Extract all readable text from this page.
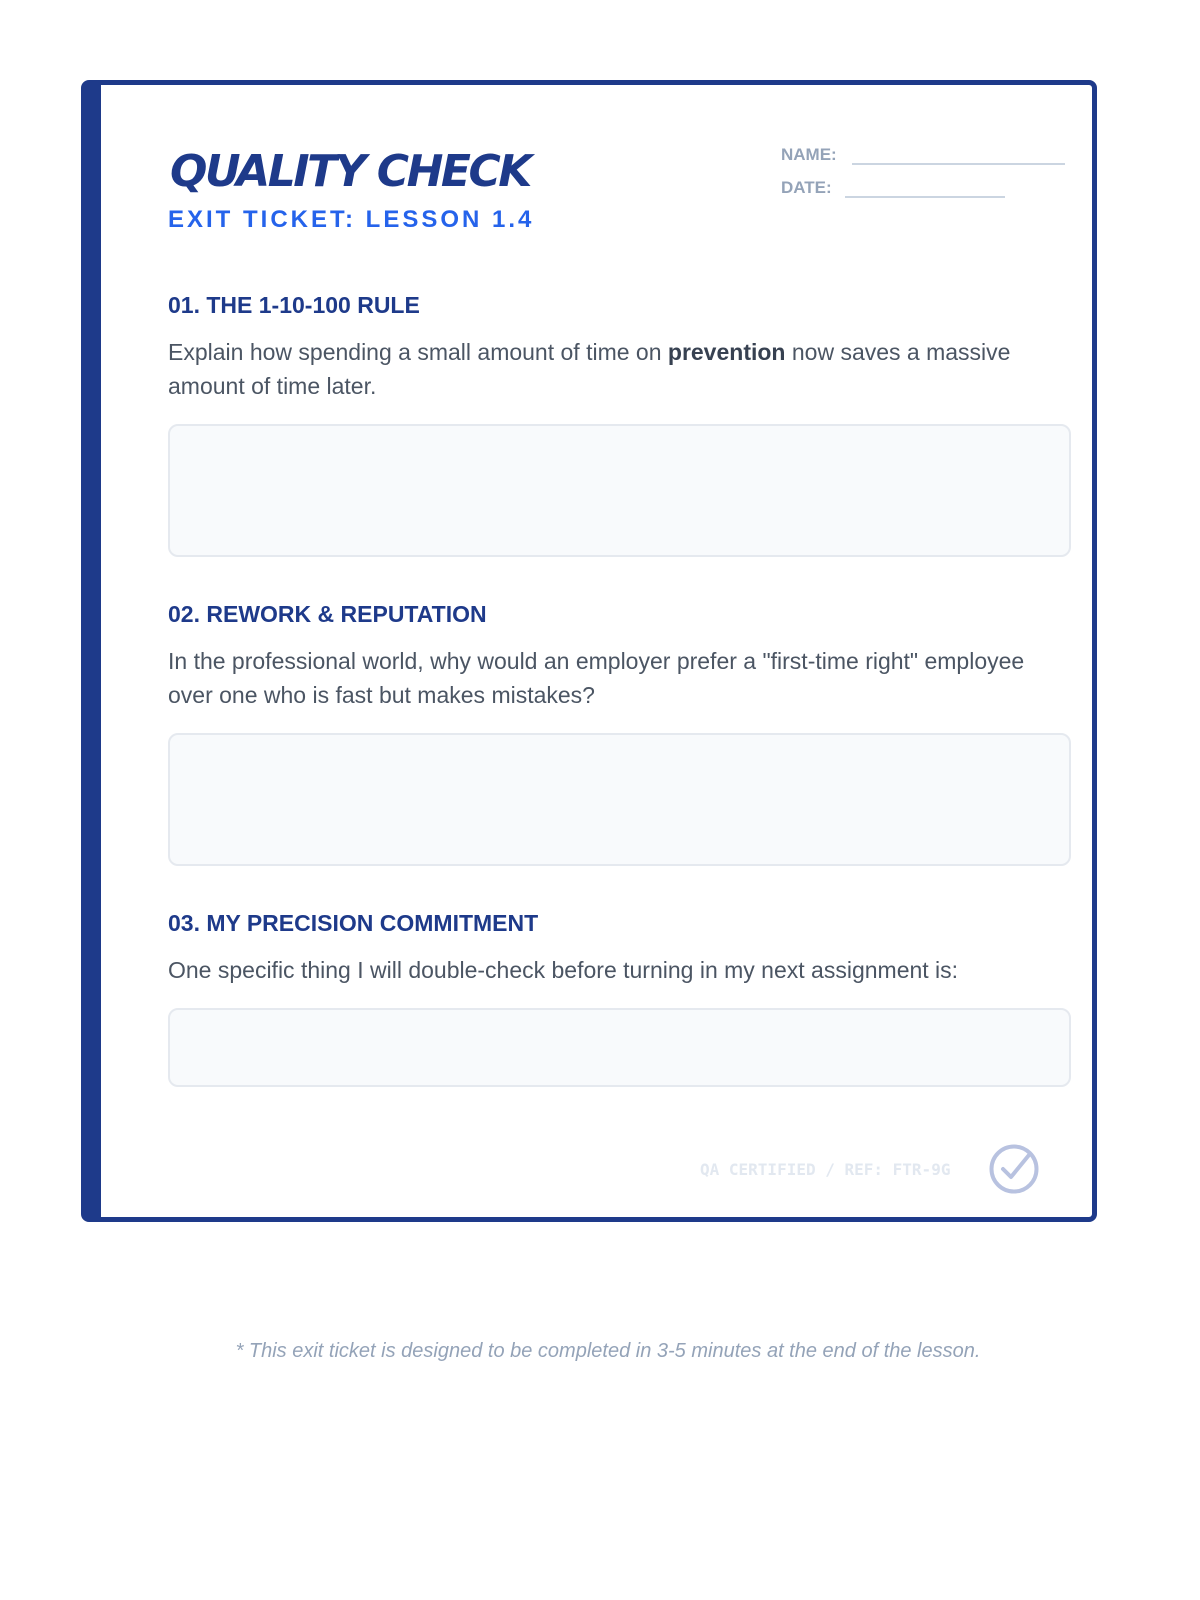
QUALITY CHECK
EXIT TICKET: LESSON 1.4
NAME:
DATE:
01. THE 1-10-100 RULE
Explain how spending a small amount of time on prevention now saves a massive amount of time later.
02. REWORK & REPUTATION
In the professional world, why would an employer prefer a "first-time right" employee over one who is fast but makes mistakes?
03. MY PRECISION COMMITMENT
One specific thing I will double-check before turning in my next assignment is:
QA CERTIFIED / REF: FTR-9G
* This exit ticket is designed to be completed in 3-5 minutes at the end of the lesson.
